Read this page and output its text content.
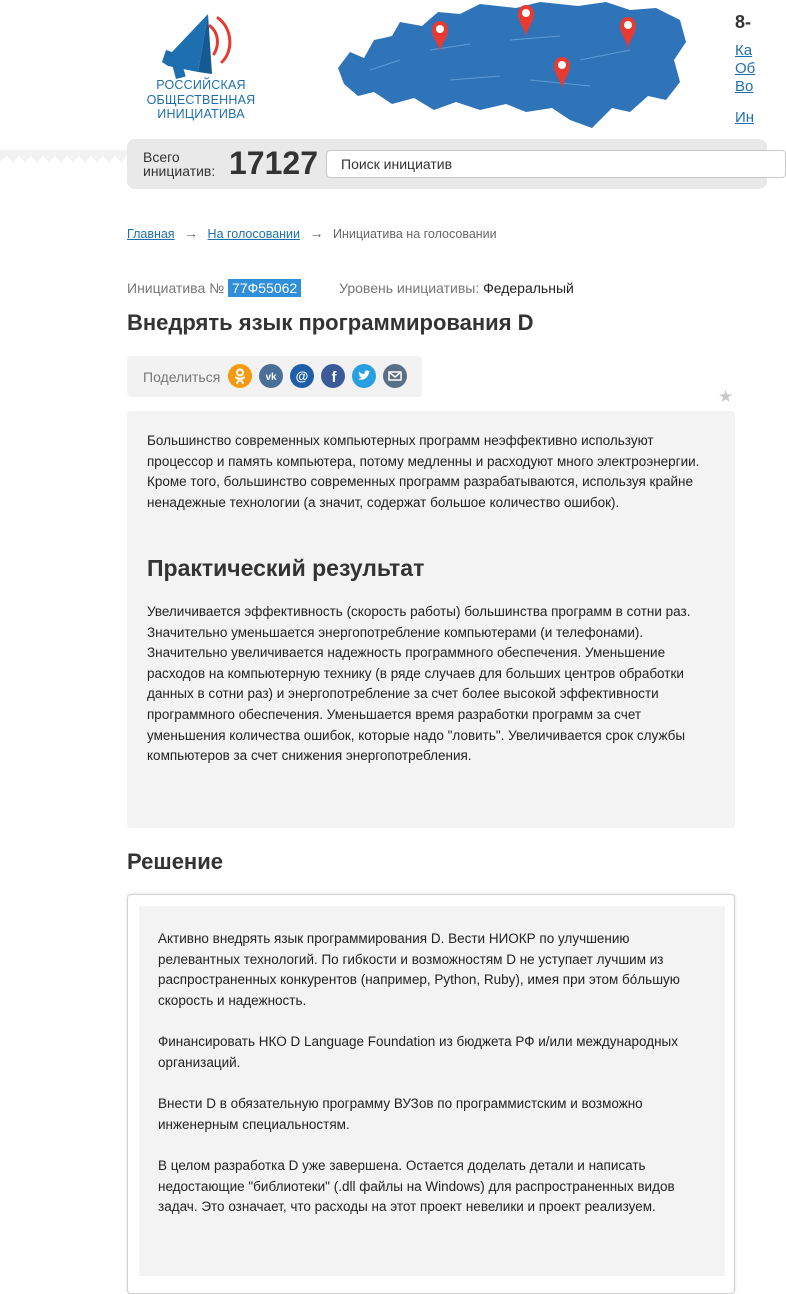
РОССИЙСКАЯ
ОБЩЕСТВЕННАЯ
ИНИЦИАТИВА
8-
Ка
Об
Во
Ин
Всего
инициатив: 17127
Поиск инициатив
Главная → На голосовании → Инициатива на голосовании
Инициатива № 77Ф55062	Уровень инициативы: Федеральный
Внедрять язык программирования D
Поделиться	vk @ f
★

Большинство современных компьютерных программ неэффективно используют процессор и память компьютера, потому медленны и расходуют много электроэнергии. Кроме того, большинство современных программ разрабатываются, используя крайне ненадежные технологии (а значит, содержат большое количество ошибок).

Практический результат

Увеличивается эффективность (скорость работы) большинства программ в сотни раз. Значительно уменьшается энергопотребление компьютерами (и телефонами). Значительно увеличивается надежность программного обеспечения. Уменьшение расходов на компьютерную технику (в ряде случаев для больших центров обработки данных в сотни раз) и энергопотребление за счет более высокой эффективности программного обеспечения. Уменьшается время разработки программ за счет уменьшения количества ошибок, которые надо "ловить". Увеличивается срок службы компьютеров за счет снижения энергопотребления.

Решение

Активно внедрять язык программирования D. Вести НИОКР по улучшению релевантных технологий. По гибкости и возможностям D не уступает лучшим из распространенных конкурентов (например, Python, Ruby), имея при этом бóльшую скорость и надежность.

Финансировать НКО D Language Foundation из бюджета РФ и/или международных организаций.

Внести D в обязательную программу ВУЗов по программистским и возможно инженерным специальностям.

В целом разработка D уже завершена. Остается доделать детали и написать недостающие "библиотеки" (.dll файлы на Windows) для распространенных видов задач. Это означает, что расходы на этот проект невелики и проект реализуем.
